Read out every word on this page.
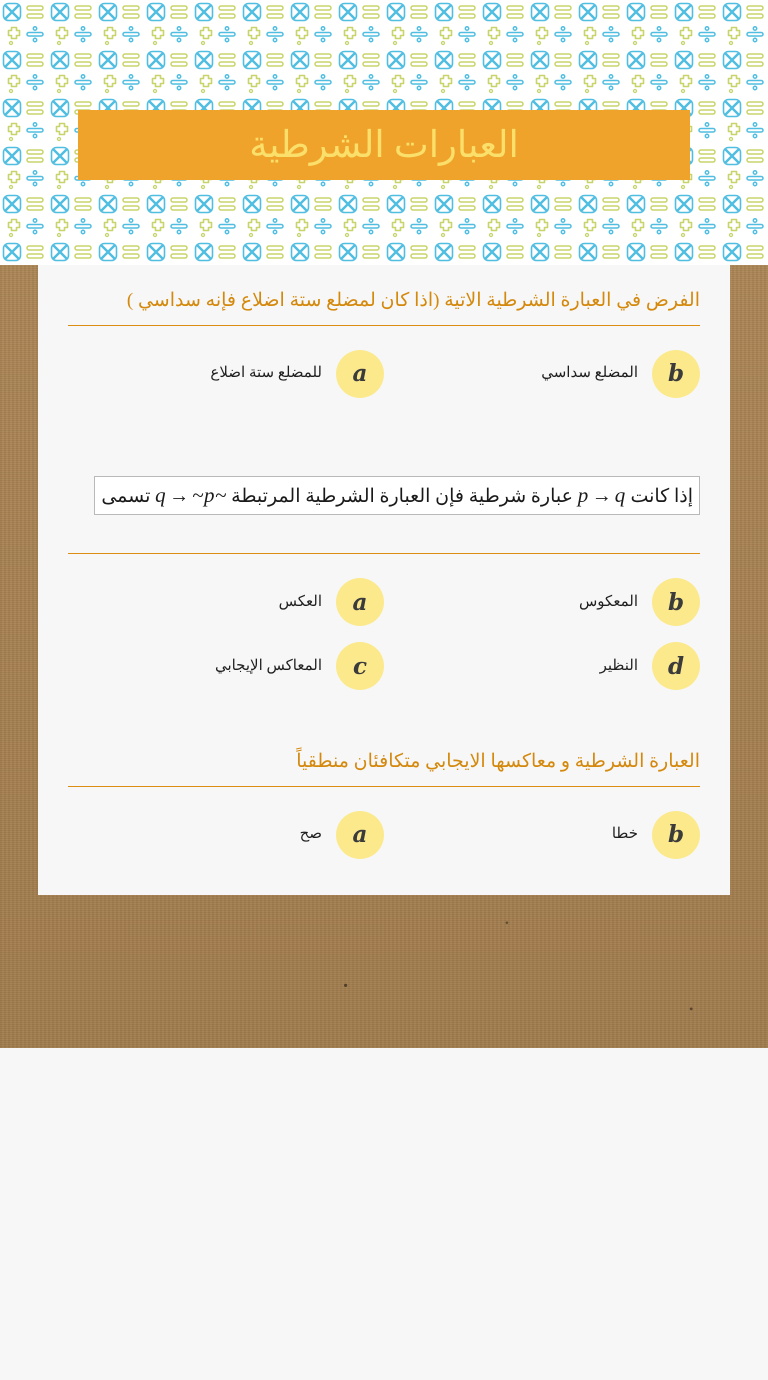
العبارات الشرطية
الفرض في العبارة الشرطية الاتية (اذا كان لمضلع ستة اضلاع فإنه سداسي )
b
المضلع سداسي
a
للمضلع ستة اضلاع
إذا كانت p → q عبارة شرطية فإن العبارة الشرطية المرتبطة ~q→ ~p تسمى
b
المعكوس
a
العكس
d
النظير
c
المعاكس الإيجابي
العبارة الشرطية و معاكسها الايجابي متكافئان منطقياً
b
خطا
a
صح
